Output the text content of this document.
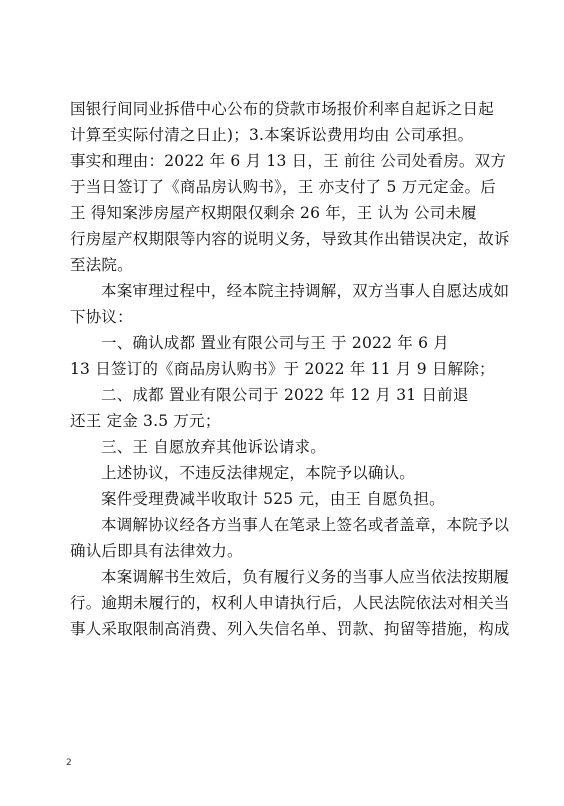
国银行间同业拆借中心公布的贷款市场报价利率自起诉之日起
计算至实际付清之日止)；3.本案诉讼费用均由 公司承担。
事实和理由：2022 年 6 月 13 日，王 前往 公司处看房。双方
于当日签订了《商品房认购书》，王 亦支付了 5 万元定金。后
王 得知案涉房屋产权期限仅剩余 26 年，王 认为 公司未履
行房屋产权期限等内容的说明义务，导致其作出错误决定，故诉
至法院。
本案审理过程中，经本院主持调解，双方当事人自愿达成如
下协议：
一、确认成都 置业有限公司与王 于 2022 年 6 月
13 日签订的《商品房认购书》于 2022 年 11 月 9 日解除；
二、成都 置业有限公司于 2022 年 12 月 31 日前退
还王 定金 3.5 万元；
三、王 自愿放弃其他诉讼请求。
上述协议，不违反法律规定，本院予以确认。
案件受理费减半收取计 525 元，由王 自愿负担。
本调解协议经各方当事人在笔录上签名或者盖章，本院予以
确认后即具有法律效力。
本案调解书生效后，负有履行义务的当事人应当依法按期履
行。逾期未履行的，权利人申请执行后，人民法院依法对相关当
事人采取限制高消费、列入失信名单、罚款、拘留等措施，构成
2
